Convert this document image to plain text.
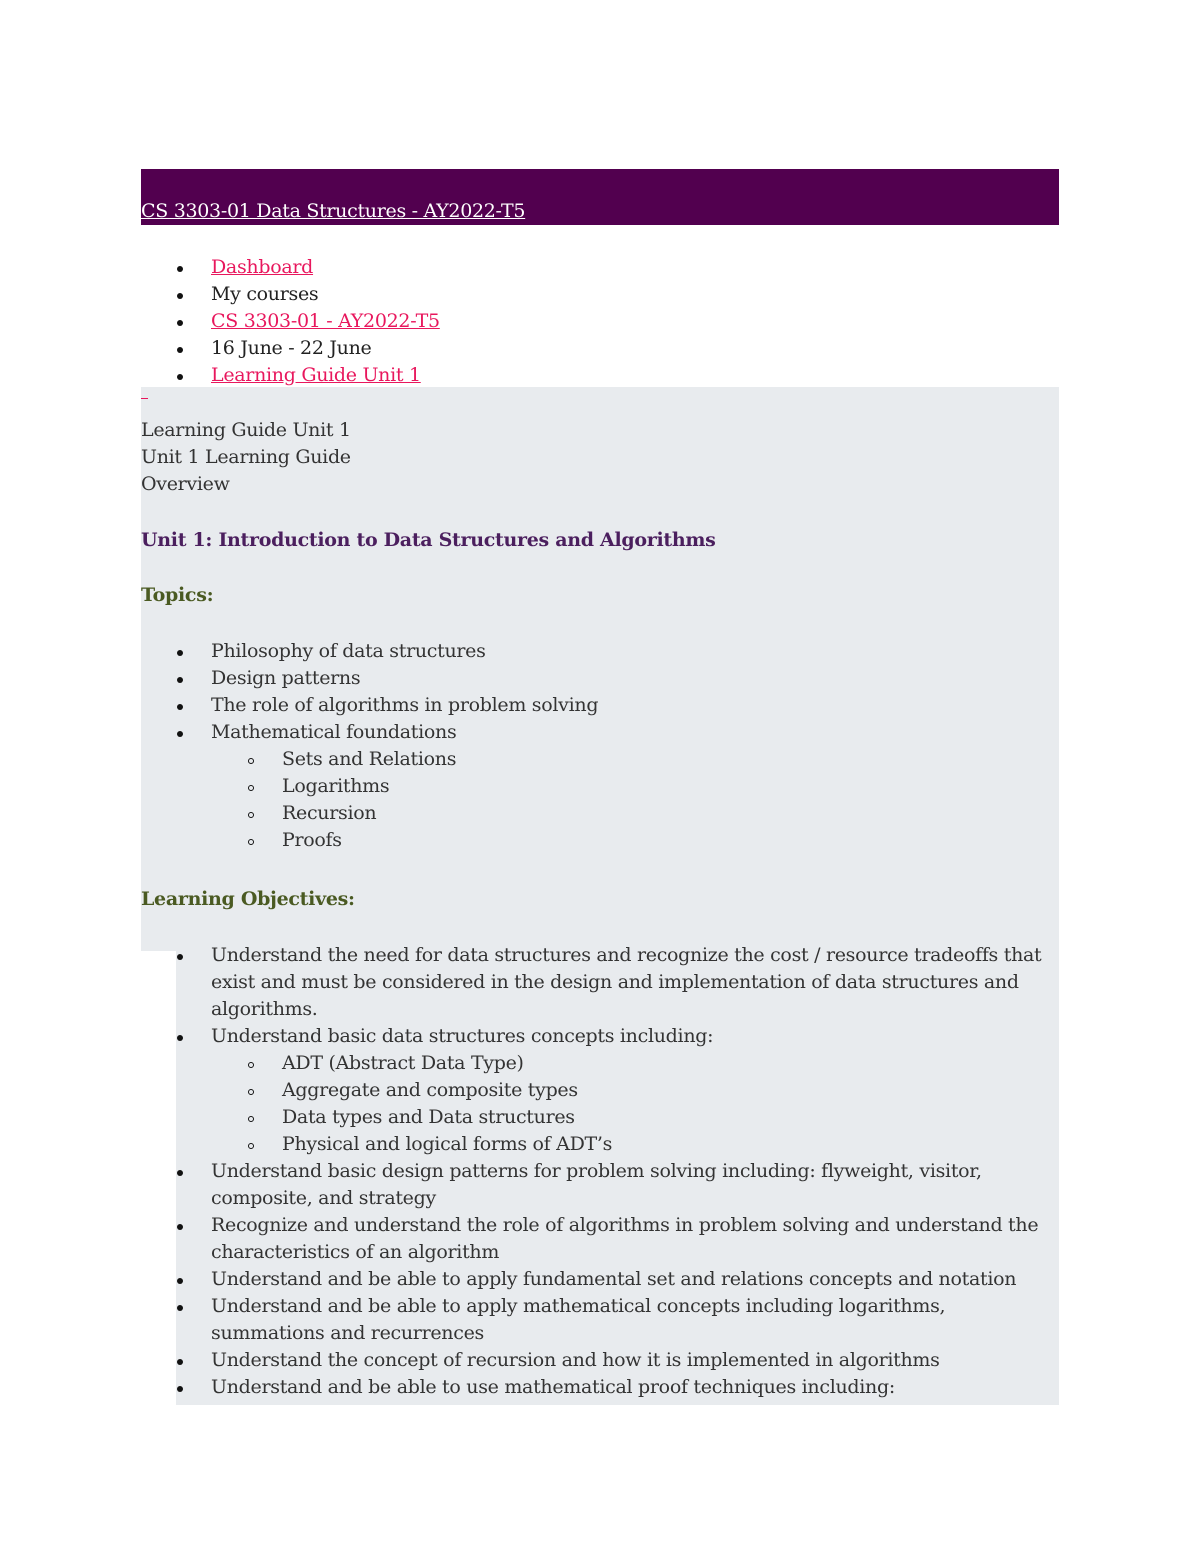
CS 3303-01 Data Structures - AY2022-T5
Dashboard
My courses
CS 3303-01 - AY2022-T5
16 June - 22 June
Learning Guide Unit 1
Learning Guide Unit 1
Unit 1 Learning Guide
Overview
Unit 1: Introduction to Data Structures and Algorithms
Topics:
Philosophy of data structures
Design patterns
The role of algorithms in problem solving
Mathematical foundations
Sets and Relations
Logarithms
Recursion
Proofs
Learning Objectives:
Understand the need for data structures and recognize the cost / resource tradeoffs that
exist and must be considered in the design and implementation of data structures and
algorithms.
Understand basic data structures concepts including:
ADT (Abstract Data Type)
Aggregate and composite types
Data types and Data structures
Physical and logical forms of ADT’s
Understand basic design patterns for problem solving including: flyweight, visitor,
composite, and strategy
Recognize and understand the role of algorithms in problem solving and understand the
characteristics of an algorithm
Understand and be able to apply fundamental set and relations concepts and notation
Understand and be able to apply mathematical concepts including logarithms,
summations and recurrences
Understand the concept of recursion and how it is implemented in algorithms
Understand and be able to use mathematical proof techniques including:
